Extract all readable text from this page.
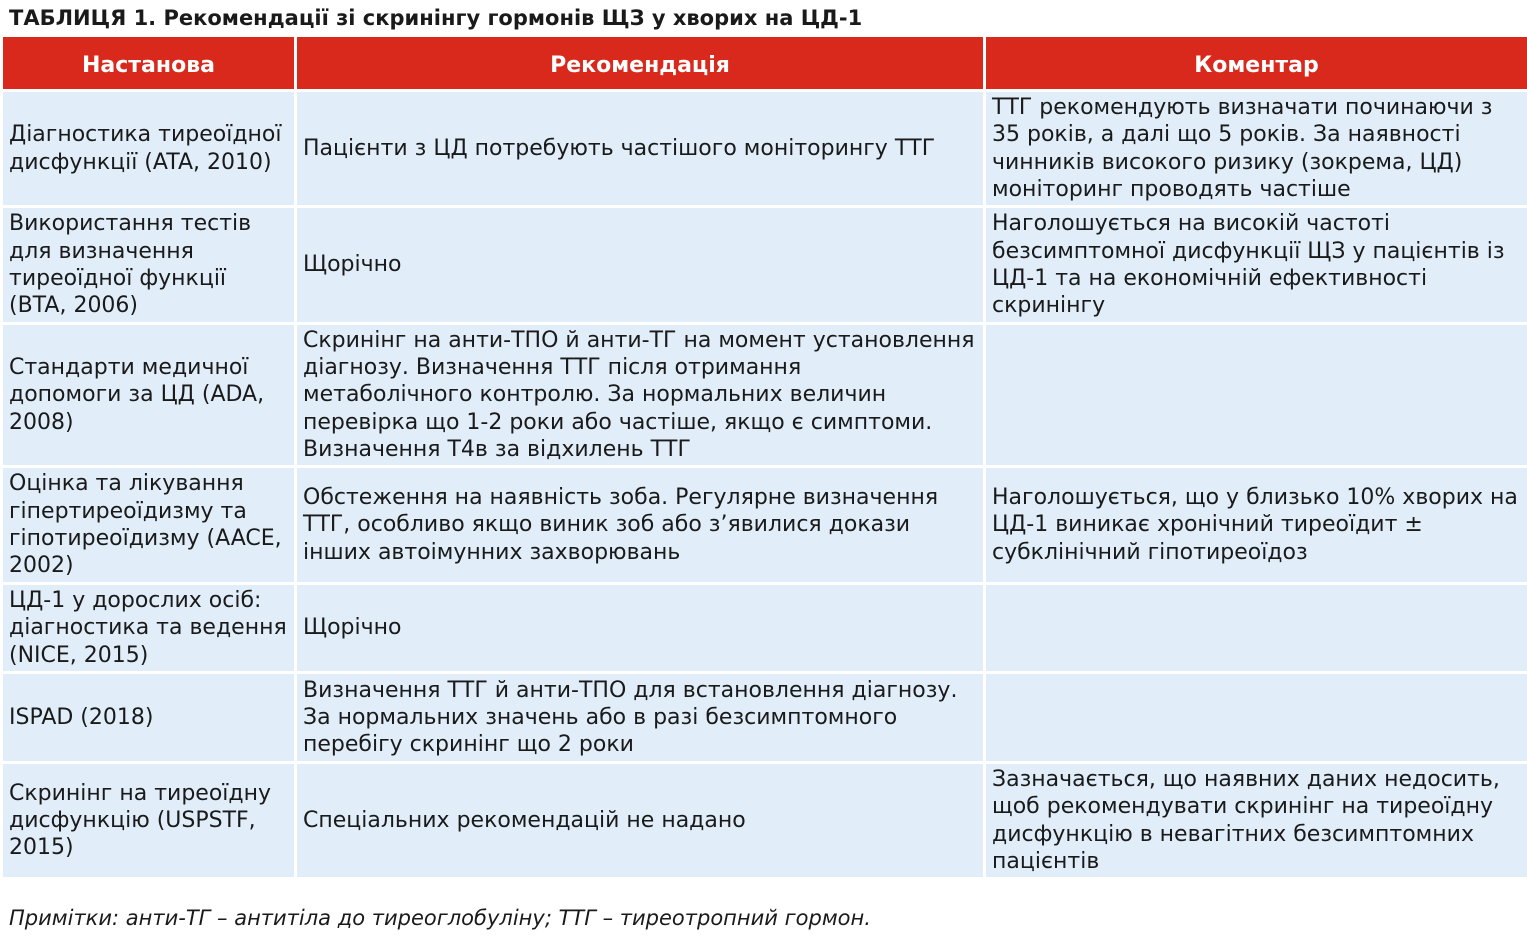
ТАБЛИЦЯ 1. Рекомендації зі скринінгу гормонів ЩЗ у хворих на ЦД-1
Настанова	Рекомендація	Коментар
Діагностика тиреоїдної дисфункції (ATA, 2010)	Пацієнти з ЦД потребують частішого моніторингу ТТГ	ТТГ рекомендують визначати починаючи з 35 років, а далі що 5 років. За наявності чинників високого ризику (зокрема, ЦД) моніторинг проводять частіше
Використання тестів для визначення тиреоїдної функції (BTA, 2006)	Щорічно	Наголошується на високій частоті безсимптомної дисфункції ЩЗ у пацієнтів із ЦД-1 та на економічній ефективності скринінгу
Стандарти медичної допомоги за ЦД (ADA, 2008)	Скринінг на анти-ТПО й анти-ТГ на момент установлення діагнозу. Визначення ТТГ після отримання метаболічного контролю. За нормальних величин перевірка що 1-2 роки або частіше, якщо є симптоми. Визначення Т4в за відхилень ТТГ	
Оцінка та лікування гіпертиреоїдизму та гіпотиреоїдизму (AACE, 2002)	Обстеження на наявність зоба. Регулярне визначення ТТГ, особливо якщо виник зоб або з’явилися докази інших автоімунних захворювань	Наголошується, що у близько 10% хворих на ЦД-1 виникає хронічний тиреоїдит ± субклінічний гіпотиреоїдоз
ЦД-1 у дорослих осіб: діагностика та ведення (NICE, 2015)	Щорічно	
ISPAD (2018)	Визначення ТТГ й анти-ТПО для встановлення діагнозу. За нормальних значень або в разі безсимптомного перебігу скринінг що 2 роки	
Скринінг на тиреоїдну дисфункцію (USPSTF, 2015)	Спеціальних рекомендацій не надано	Зазначається, що наявних даних недосить, щоб рекомендувати скринінг на тиреоїдну дисфункцію в невагітних безсимптомних пацієнтів
Примітки: анти-ТГ – антитіла до тиреоглобуліну; ТТГ – тиреотропний гормон.
